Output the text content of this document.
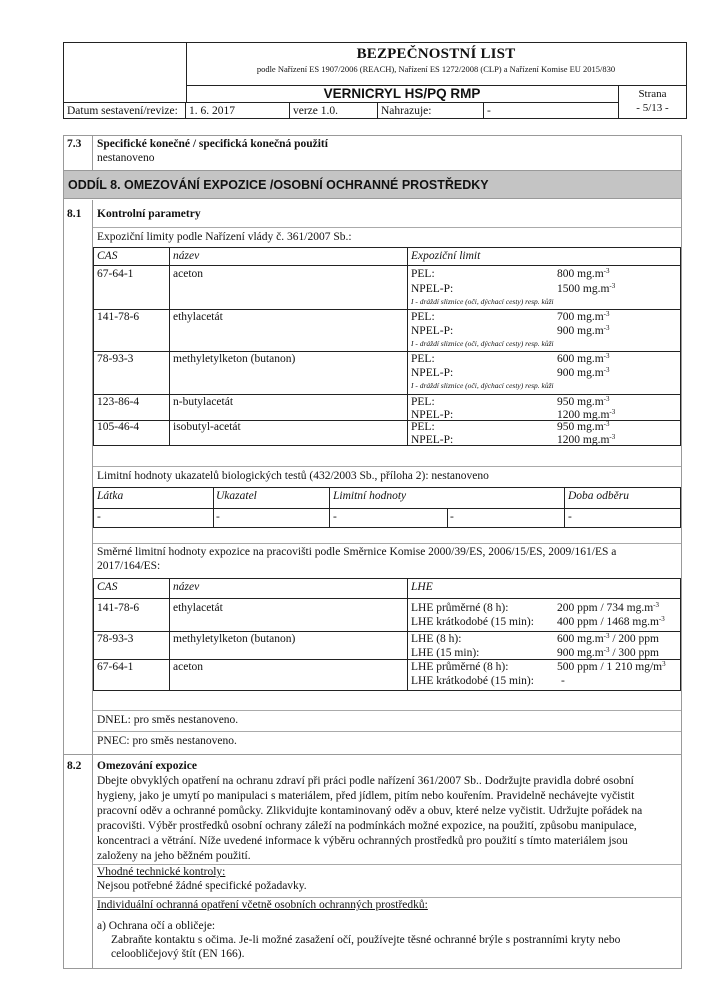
BEZPEČNOSTNÍ LIST
podle Nařízení ES 1907/2006 (REACH), Nařízení ES 1272/2008 (CLP) a Nařízení Komise EU 2015/830
VERNICRYL HS/PQ RMP	Strana
- 5/13 -
Datum sestavení/revize: 1. 6. 2017	verze 1.0.	Nahrazuje:	-
7.3 Specifické konečné / specifická konečná použití
nestanoveno
ODDÍL 8. OMEZOVÁNÍ EXPOZICE /OSOBNÍ OCHRANNÉ PROSTŘEDKY
8.1 Kontrolní parametry
Expoziční limity podle Nařízení vlády č. 361/2007 Sb.:
CAS	název	Expoziční limit
67-64-1	aceton	PEL:	800 $mg.m^{-3}$
NPEL-P:	1500 $mg.m^{-3}$
I - dráždí sliznice (oči, dýchací cesty) resp. kůži
141-78-6	ethylacetát	PEL:	700 $mg.m^{-3}$
NPEL-P:	900 $mg.m^{-3}$
I - dráždí sliznice (oči, dýchací cesty) resp. kůži
78-93-3	methyletylketon (butanon)	PEL:	600 $mg.m^{-3}$
NPEL-P:	900 $mg.m^{-3}$
I - dráždí sliznice (oči, dýchací cesty) resp. kůži
123-86-4	n-butylacetát	PEL:	950 $mg.m^{-3}$
NPEL-P:	1200 $mg.m^{-3}$
105-46-4	isobutyl-acetát	PEL:	950 $mg.m^{-3}$
NPEL-P:	1200 $mg.m^{-3}$
Limitní hodnoty ukazatelů biologických testů (432/2003 Sb., příloha 2): nestanoveno
Látka	Ukazatel	Limitní hodnoty	Doba odběru
-	-	-	-	-
Směrné limitní hodnoty expozice na pracovišti podle Směrnice Komise 2000/39/ES, 2006/15/ES, 2009/161/ES a
2017/164/ES:
CAS	název	LHE
141-78-6	ethylacetát	LHE průměrné (8 h):	200 ppm / 734 $mg.m^{-3}$
LHE krátkodobé (15 min): 400 ppm / 1468 $mg.m^{-3}$
78-93-3	methyletylketon (butanon)	LHE (8 h):	600 $mg.m^{-3} / 200$ ppm
LHE (15 min):	900 $mg.m^{-3} / 300$ ppm
67-64-1	aceton	LHE průměrné (8 h):	500 ppm / 1 210 $mg/m^3$
LHE krátkodobé (15 min): -
DNEL: pro směs nestanoveno.
PNEC: pro směs nestanoveno.
8.2 Omezování expozice
Dbejte obvyklých opatření na ochranu zdraví při práci podle nařízení 361/2007 Sb.. Dodržujte pravidla dobré osobní
hygieny, jako je umytí po manipulaci s materiálem, před jídlem, pitím nebo kouřením. Pravidelně nechávejte vyčistit
pracovní oděv a ochranné pomůcky. Zlikvidujte kontaminovaný oděv a obuv, které nelze vyčistit. Udržujte pořádek na
pracovišti. Výběr prostředků osobní ochrany záleží na podmínkách možné expozice, na použití, způsobu manipulace,
koncentraci a větrání. Níže uvedené informace k výběru ochranných prostředků pro použití s tímto materiálem jsou
založeny na jeho běžném použití.
Vhodné technické kontroly:
Nejsou potřebné žádné specifické požadavky.
Individuální ochranná opatření včetně osobních ochranných prostředků:
a) Ochrana očí a obličeje:
Zabraňte kontaktu s očima. Je-li možné zasažení očí, používejte těsné ochranné brýle s postranními kryty nebo
celoobličejový štít (EN 166).
